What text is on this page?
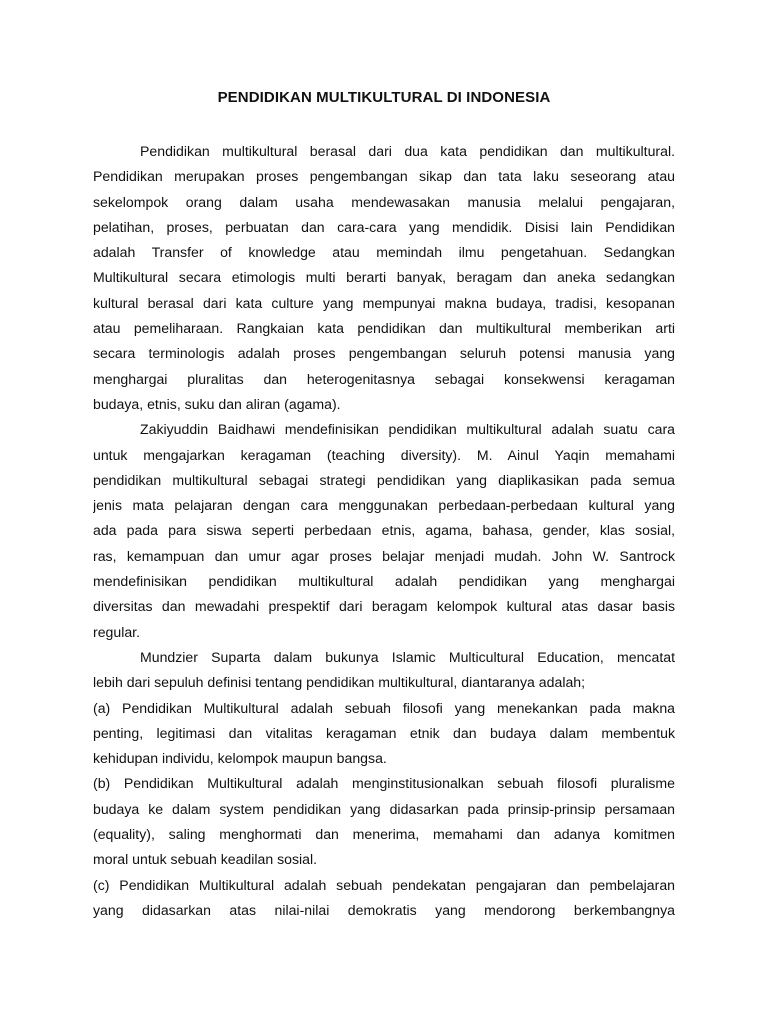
PENDIDIKAN MULTIKULTURAL DI INDONESIA
Pendidikan multikultural berasal dari dua kata pendidikan dan multikultural.
Pendidikan merupakan proses pengembangan sikap dan tata laku seseorang atau
sekelompok orang dalam usaha mendewasakan manusia melalui pengajaran,
pelatihan, proses, perbuatan dan cara-cara yang mendidik. Disisi lain Pendidikan
adalah Transfer of knowledge atau memindah ilmu pengetahuan. Sedangkan
Multikultural secara etimologis multi berarti banyak, beragam dan aneka sedangkan
kultural berasal dari kata culture yang mempunyai makna budaya, tradisi, kesopanan
atau pemeliharaan. Rangkaian kata pendidikan dan multikultural memberikan arti
secara terminologis adalah proses pengembangan seluruh potensi manusia yang
menghargai pluralitas dan heterogenitasnya sebagai konsekwensi keragaman
budaya, etnis, suku dan aliran (agama).
Zakiyuddin Baidhawi mendefinisikan pendidikan multikultural adalah suatu cara
untuk mengajarkan keragaman (teaching diversity). M. Ainul Yaqin memahami
pendidikan multikultural sebagai strategi pendidikan yang diaplikasikan pada semua
jenis mata pelajaran dengan cara menggunakan perbedaan-perbedaan kultural yang
ada pada para siswa seperti perbedaan etnis, agama, bahasa, gender, klas sosial,
ras, kemampuan dan umur agar proses belajar menjadi mudah. John W. Santrock
mendefinisikan pendidikan multikultural adalah pendidikan yang menghargai
diversitas dan mewadahi prespektif dari beragam kelompok kultural atas dasar basis
regular.
Mundzier Suparta dalam bukunya Islamic Multicultural Education, mencatat
lebih dari sepuluh definisi tentang pendidikan multikultural, diantaranya adalah;
(a) Pendidikan Multikultural adalah sebuah filosofi yang menekankan pada makna
penting, legitimasi dan vitalitas keragaman etnik dan budaya dalam membentuk
kehidupan individu, kelompok maupun bangsa.
(b) Pendidikan Multikultural adalah menginstitusionalkan sebuah filosofi pluralisme
budaya ke dalam system pendidikan yang didasarkan pada prinsip-prinsip persamaan
(equality), saling menghormati dan menerima, memahami dan adanya komitmen
moral untuk sebuah keadilan sosial.
(c) Pendidikan Multikultural adalah sebuah pendekatan pengajaran dan pembelajaran
yang didasarkan atas nilai-nilai demokratis yang mendorong berkembangnya
